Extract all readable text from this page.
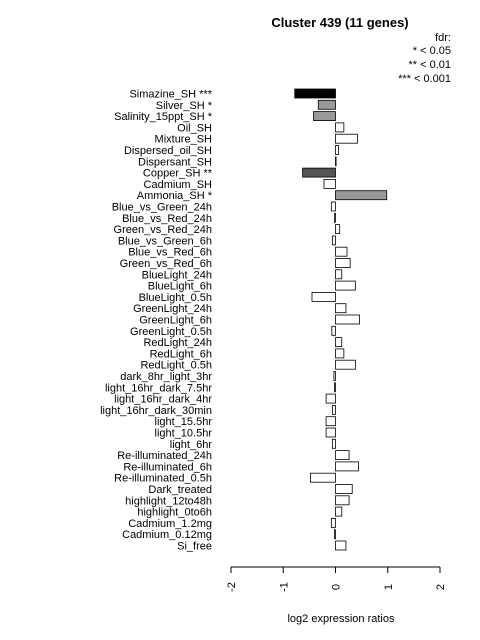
Cluster 439 (11 genes)
fdr:
* < 0.05
** < 0.01
*** < 0.001
Simazine_SH ***
Silver_SH *
Salinity_15ppt_SH *
Oil_SH
Mixture_SH
Dispersed_oil_SH
Dispersant_SH
Copper_SH **
Cadmium_SH
Ammonia_SH *
Blue_vs_Green_24h
Blue_vs_Red_24h
Green_vs_Red_24h
Blue_vs_Green_6h
Blue_vs_Red_6h
Green_vs_Red_6h
BlueLight_24h
BlueLight_6h
BlueLight_0.5h
GreenLight_24h
GreenLight_6h
GreenLight_0.5h
RedLight_24h
RedLight_6h
RedLight_0.5h
dark_8hr_light_3hr
light_16hr_dark_7.5hr
light_16hr_dark_4hr
light_16hr_dark_30min
light_15.5hr
light_10.5hr
light_6hr
Re-illuminated_24h
Re-illuminated_6h
Re-illuminated_0.5h
Dark_treated
highlight_12to48h
highlight_0to6h
Cadmium_1.2mg
Cadmium_0.12mg
Si_free
-2	-1	0	1	2
log2 expression ratios
